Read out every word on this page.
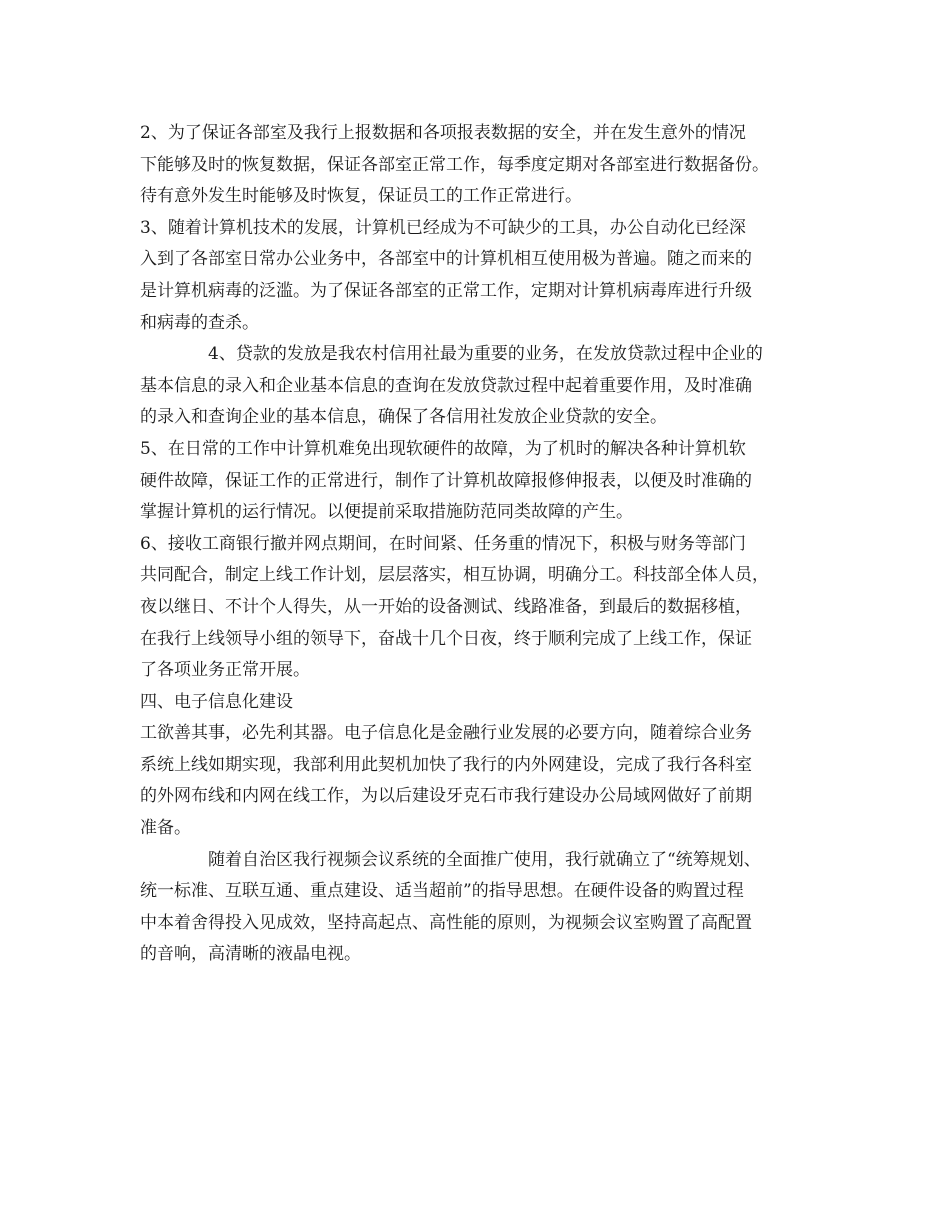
2、为了保证各部室及我行上报数据和各项报表数据的安全，并在发生意外的情况
下能够及时的恢复数据，保证各部室正常工作，每季度定期对各部室进行数据备份。
待有意外发生时能够及时恢复，保证员工的工作正常进行。
3、随着计算机技术的发展，计算机已经成为不可缺少的工具，办公自动化已经深
入到了各部室日常办公业务中，各部室中的计算机相互使用极为普遍。随之而来的
是计算机病毒的泛滥。为了保证各部室的正常工作，定期对计算机病毒库进行升级
和病毒的查杀。
4、贷款的发放是我农村信用社最为重要的业务，在发放贷款过程中企业的
基本信息的录入和企业基本信息的查询在发放贷款过程中起着重要作用，及时准确
的录入和查询企业的基本信息，确保了各信用社发放企业贷款的安全。
5、在日常的工作中计算机难免出现软硬件的故障，为了机时的解决各种计算机软
硬件故障，保证工作的正常进行，制作了计算机故障报修伸报表，以便及时准确的
掌握计算机的运行情况。以便提前采取措施防范同类故障的产生。
6、接收工商银行撤并网点期间，在时间紧、任务重的情况下，积极与财务等部门
共同配合，制定上线工作计划，层层落实，相互协调，明确分工。科技部全体人员，
夜以继日、不计个人得失，从一开始的设备测试、线路准备，到最后的数据移植，
在我行上线领导小组的领导下，奋战十几个日夜，终于顺利完成了上线工作，保证
了各项业务正常开展。
四、电子信息化建设
工欲善其事，必先利其器。电子信息化是金融行业发展的必要方向，随着综合业务
系统上线如期实现，我部利用此契机加快了我行的内外网建设，完成了我行各科室
的外网布线和内网在线工作，为以后建设牙克石市我行建设办公局域网做好了前期
准备。
随着自治区我行视频会议系统的全面推广使用，我行就确立了“统筹规划、
统一标准、互联互通、重点建设、适当超前”的指导思想。在硬件设备的购置过程
中本着舍得投入见成效，坚持高起点、高性能的原则，为视频会议室购置了高配置
的音响，高清晰的液晶电视。
